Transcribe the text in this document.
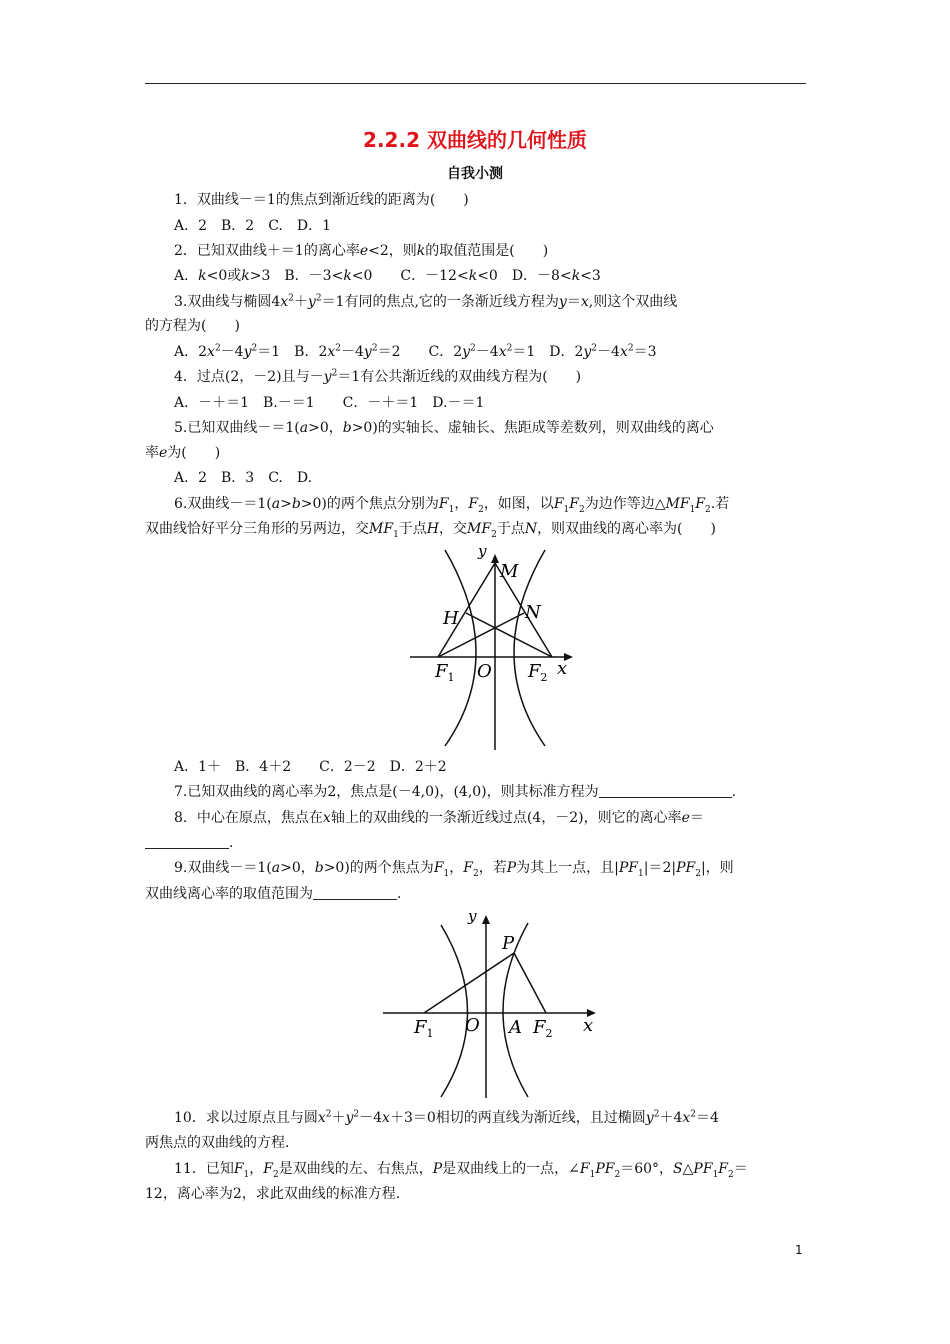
2.2.2 双曲线的几何性质
自我小测
1．双曲线－＝1的焦点到渐近线的距离为(　　)
A．2　B．2　C.　D．1
2．已知双曲线＋＝1的离心率e<2，则k的取值范围是(　　)
A．k<0或k>3　B．－3<k<0　　C．－12<k<0　D．－8<k<3
3.双曲线与椭圆$4x^2+y^2=1$有同的焦点,它的一条渐近线方程为y＝x,则这个双曲线
的方程为(　　)
A．$2x^2-4y^2=1$　B．$2x^2-4y^2=2$　　C．$2y^2-4x^2=1$　D．$2y^2-4x^2=3$
4．过点(2，－2)且与$-y^2=1$有公共渐近线的双曲线方程为(　　)
A．－＋＝1　B.－＝1　　C．－＋＝1　D.－＝1
5.已知双曲线－＝1(a>0，b>0)的实轴长、虚轴长、焦距成等差数列，则双曲线的离心
率e为(　　)
A．2　B．3　C.　D.
6.双曲线－＝1(a>b>0)的两个焦点分别为$F_1$，$F_2$，如图，以$F_1F_2$为边作等边$\triangle MF_1F_2$.若
双曲线恰好平分三角形的另两边，交$MF_1$于点H，交$MF_2$于点N，则双曲线的离心率为(　　)
y
M
H	N
$F_1$ O $F_2$ x
A．1＋　B．4＋2　　C．2－2　D．2＋2
7.已知双曲线的离心率为2，焦点是(－4,0)，(4,0)，则其标准方程为	.
8．中心在原点，焦点在x轴上的双曲线的一条渐近线过点(4，－2)，则它的离心率e＝
.
9.双曲线－＝1(a>0，b>0)的两个焦点为$F_1$，$F_2$，若P为其上一点，且$|PF_1|=2|PF_2|$，则
双曲线离心率的取值范围为	.
y
P
$F_1$ O A $F_2$ x
10．求以过原点且与圆$x^2+y^2-4x+3=0$相切的两直线为渐近线，且过椭圆$y^2+4x^2=4$
两焦点的双曲线的方程.
11．已知$F_1$，$F_2$是双曲线的左、右焦点，P是双曲线上的一点，$\angle F_1PF_2=60^\circ$，$S\triangle PF_1F_2=$
12，离心率为2，求此双曲线的标准方程.
1
